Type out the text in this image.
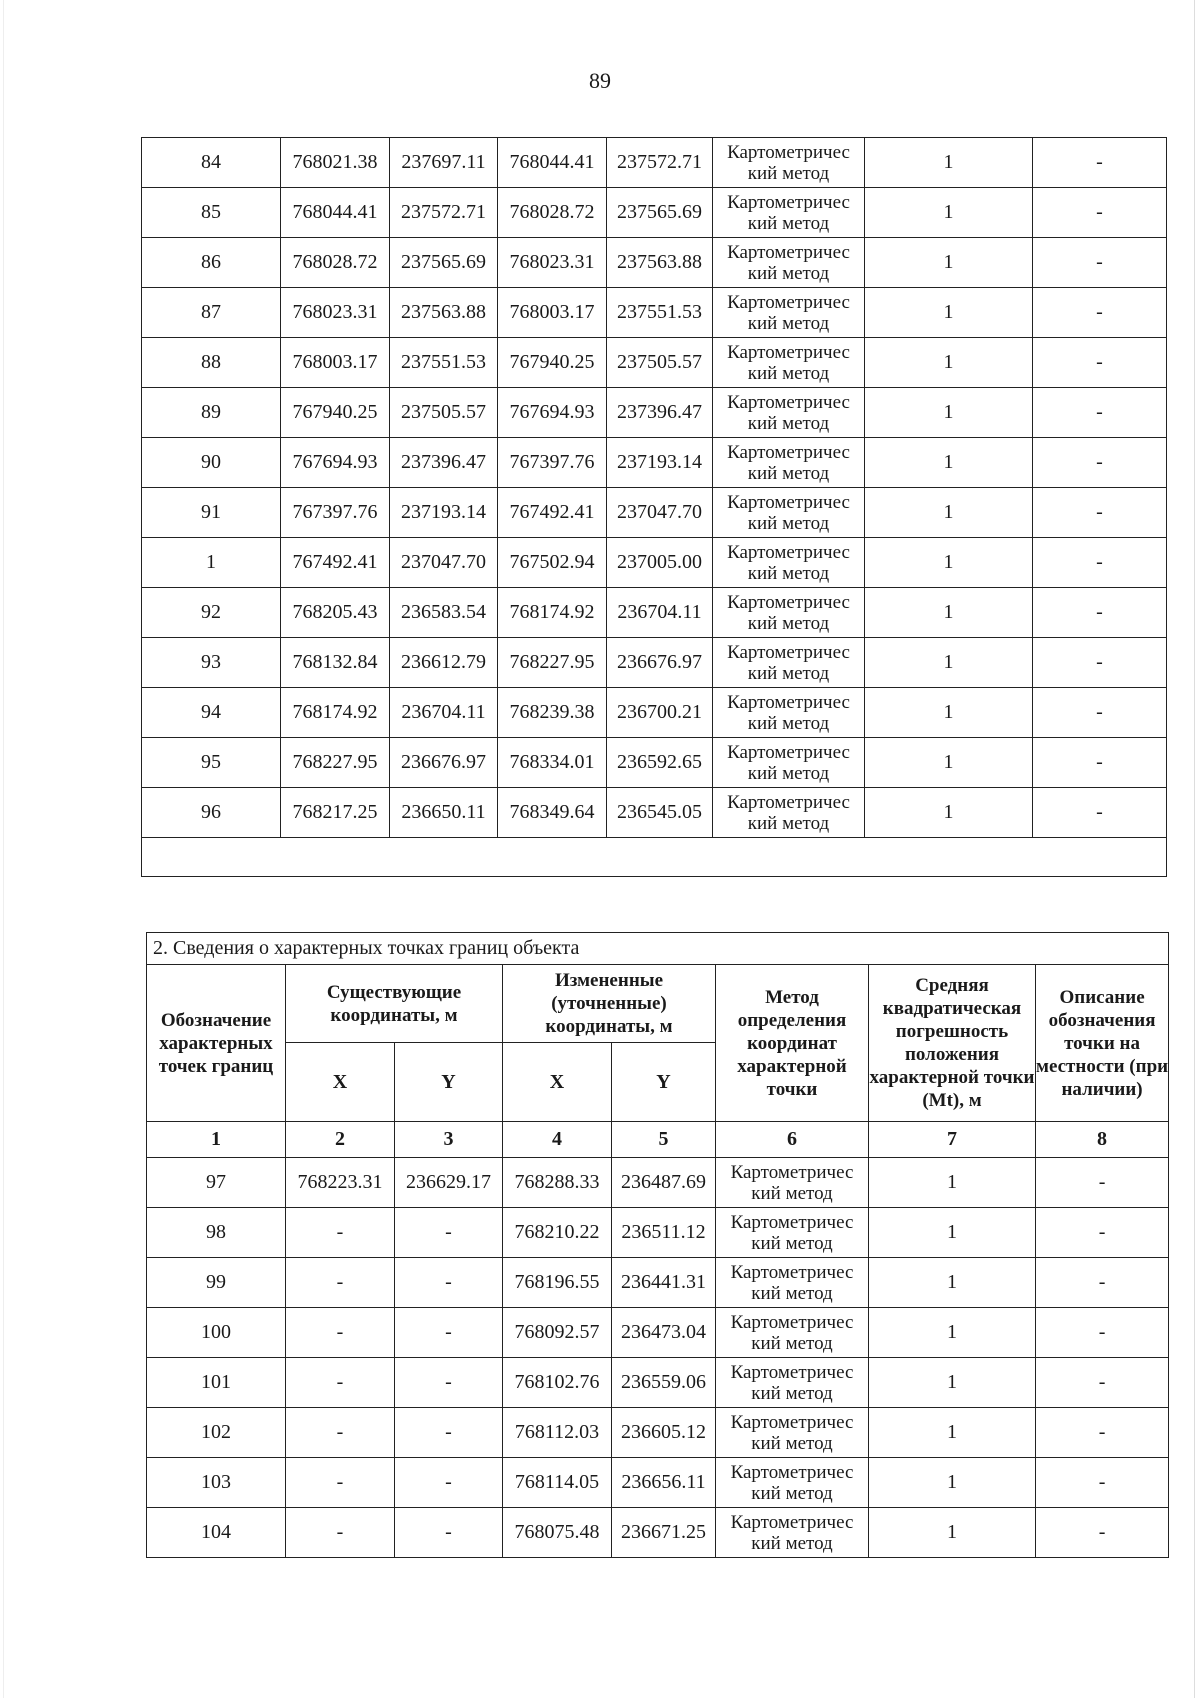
89
84	768021.38	237697.11	768044.41	237572.71	Картометричес кий метод	1	-
85	768044.41	237572.71	768028.72	237565.69	Картометричес кий метод	1	-
86	768028.72	237565.69	768023.31	237563.88	Картометричес кий метод	1	-
87	768023.31	237563.88	768003.17	237551.53	Картометричес кий метод	1	-
88	768003.17	237551.53	767940.25	237505.57	Картометричес кий метод	1	-
89	767940.25	237505.57	767694.93	237396.47	Картометричес кий метод	1	-
90	767694.93	237396.47	767397.76	237193.14	Картометричес кий метод	1	-
91	767397.76	237193.14	767492.41	237047.70	Картометричес кий метод	1	-
1	767492.41	237047.70	767502.94	237005.00	Картометричес кий метод	1	-
92	768205.43	236583.54	768174.92	236704.11	Картометричес кий метод	1	-
93	768132.84	236612.79	768227.95	236676.97	Картометричес кий метод	1	-
94	768174.92	236704.11	768239.38	236700.21	Картометричес кий метод	1	-
95	768227.95	236676.97	768334.01	236592.65	Картометричес кий метод	1	-
96	768217.25	236650.11	768349.64	236545.05	Картометричес кий метод	1	-

2. Сведения о характерных точках границ объекта							
Обозначение характерных точек границ	Существующие координаты, м		Измененные (уточненные) координаты, м		Метод определения координат характерной точки	Средняя квадратическая погрешность положения характерной точки (Mt), м	Описание обозначения точки на местности (при наличии)
	X	Y	X	Y			
1	2	3	4	5	6	7	8
97	768223.31	236629.17	768288.33	236487.69	Картометричес кий метод	1	-
98	-	-	768210.22	236511.12	Картометричес кий метод	1	-
99	-	-	768196.55	236441.31	Картометричес кий метод	1	-
100	-	-	768092.57	236473.04	Картометричес кий метод	1	-
101	-	-	768102.76	236559.06	Картометричес кий метод	1	-
102	-	-	768112.03	236605.12	Картометричес кий метод	1	-
103	-	-	768114.05	236656.11	Картометричес кий метод	1	-
104	-	-	768075.48	236671.25	Картометричес кий метод	1	-
